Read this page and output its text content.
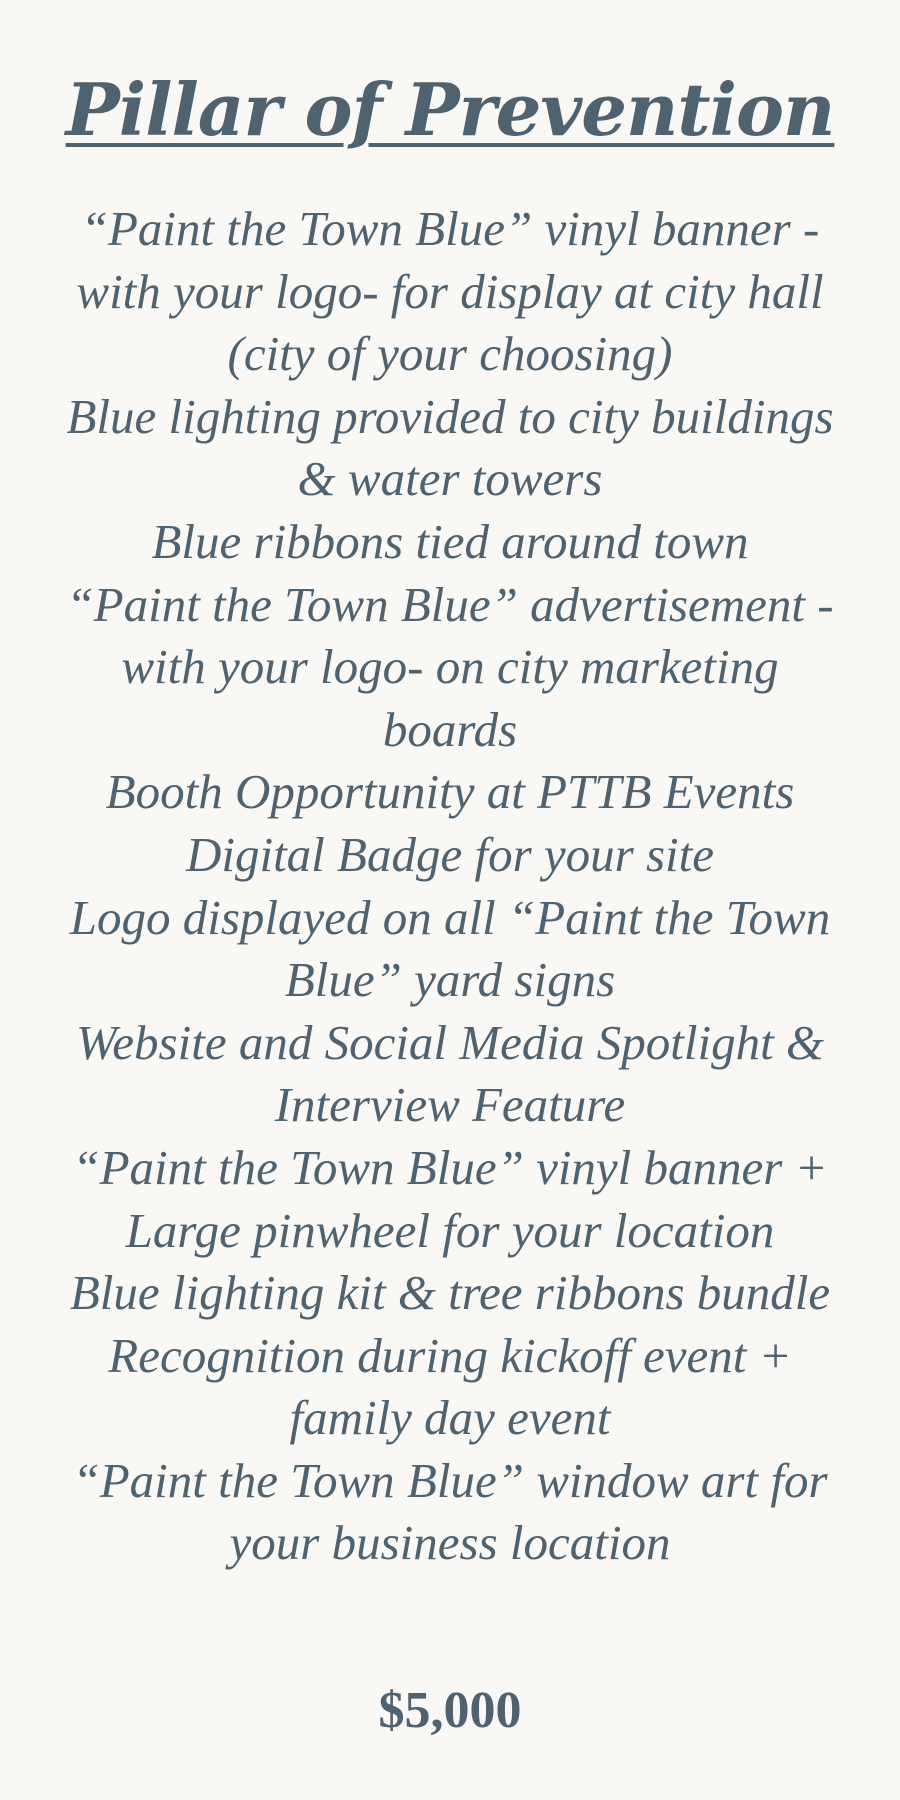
Pillar of Prevention
“Paint the Town Blue” vinyl banner - with your logo- for display at city hall (city of your choosing)
Blue lighting provided to city buildings & water towers
Blue ribbons tied around town
“Paint the Town Blue” advertisement -with your logo- on city marketing boards
Booth Opportunity at PTTB Events
Digital Badge for your site
Logo displayed on all “Paint the Town Blue” yard signs
Website and Social Media Spotlight & Interview Feature
“Paint the Town Blue” vinyl banner + Large pinwheel for your location
Blue lighting kit & tree ribbons bundle
Recognition during kickoff event + family day event
“Paint the Town Blue” window art for your business location

$5,000
